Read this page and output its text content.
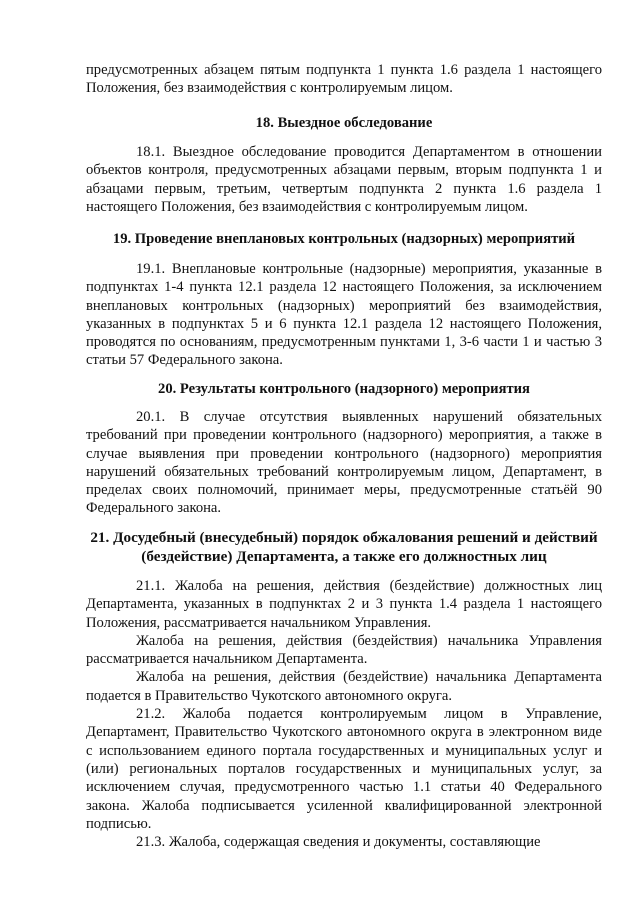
предусмотренных абзацем пятым подпункта 1 пункта 1.6 раздела 1 настоящего Положения, без взаимодействия с контролируемым лицом.

18. Выездное обследование

18.1. Выездное обследование проводится Департаментом в отношении объектов контроля, предусмотренных абзацами первым, вторым подпункта 1 и абзацами первым, третьим, четвертым подпункта 2 пункта 1.6 раздела 1 настоящего Положения, без взаимодействия с контролируемым лицом.

19. Проведение внеплановых контрольных (надзорных) мероприятий

19.1. Внеплановые контрольные (надзорные) мероприятия, указанные в подпунктах 1-4 пункта 12.1 раздела 12 настоящего Положения, за исключением внеплановых контрольных (надзорных) мероприятий без взаимодействия, указанных в подпунктах 5 и 6 пункта 12.1 раздела 12 настоящего Положения, проводятся по основаниям, предусмотренным пунктами 1, 3-6 части 1 и частью 3 статьи 57 Федерального закона.

20. Результаты контрольного (надзорного) мероприятия

20.1. В случае отсутствия выявленных нарушений обязательных требований при проведении контрольного (надзорного) мероприятия, а также в случае выявления при проведении контрольного (надзорного) мероприятия нарушений обязательных требований контролируемым лицом, Департамент, в пределах своих полномочий, принимает меры, предусмотренные статьёй 90 Федерального закона.

21. Досудебный (внесудебный) порядок обжалования решений и действий (бездействие) Департамента, а также его должностных лиц

21.1. Жалоба на решения, действия (бездействие) должностных лиц Департамента, указанных в подпунктах 2 и 3 пункта 1.4 раздела 1 настоящего Положения, рассматривается начальником Управления.

Жалоба на решения, действия (бездействия) начальника Управления рассматривается начальником Департамента.

Жалоба на решения, действия (бездействие) начальника Департамента подается в Правительство Чукотского автономного округа.

21.2. Жалоба подается контролируемым лицом в Управление, Департамент, Правительство Чукотского автономного округа в электронном виде с использованием единого портала государственных и муниципальных услуг и (или) региональных порталов государственных и муниципальных услуг, за исключением случая, предусмотренного частью 1.1 статьи 40 Федерального закона. Жалоба подписывается усиленной квалифицированной электронной подписью.

21.3. Жалоба, содержащая сведения и документы, составляющие
